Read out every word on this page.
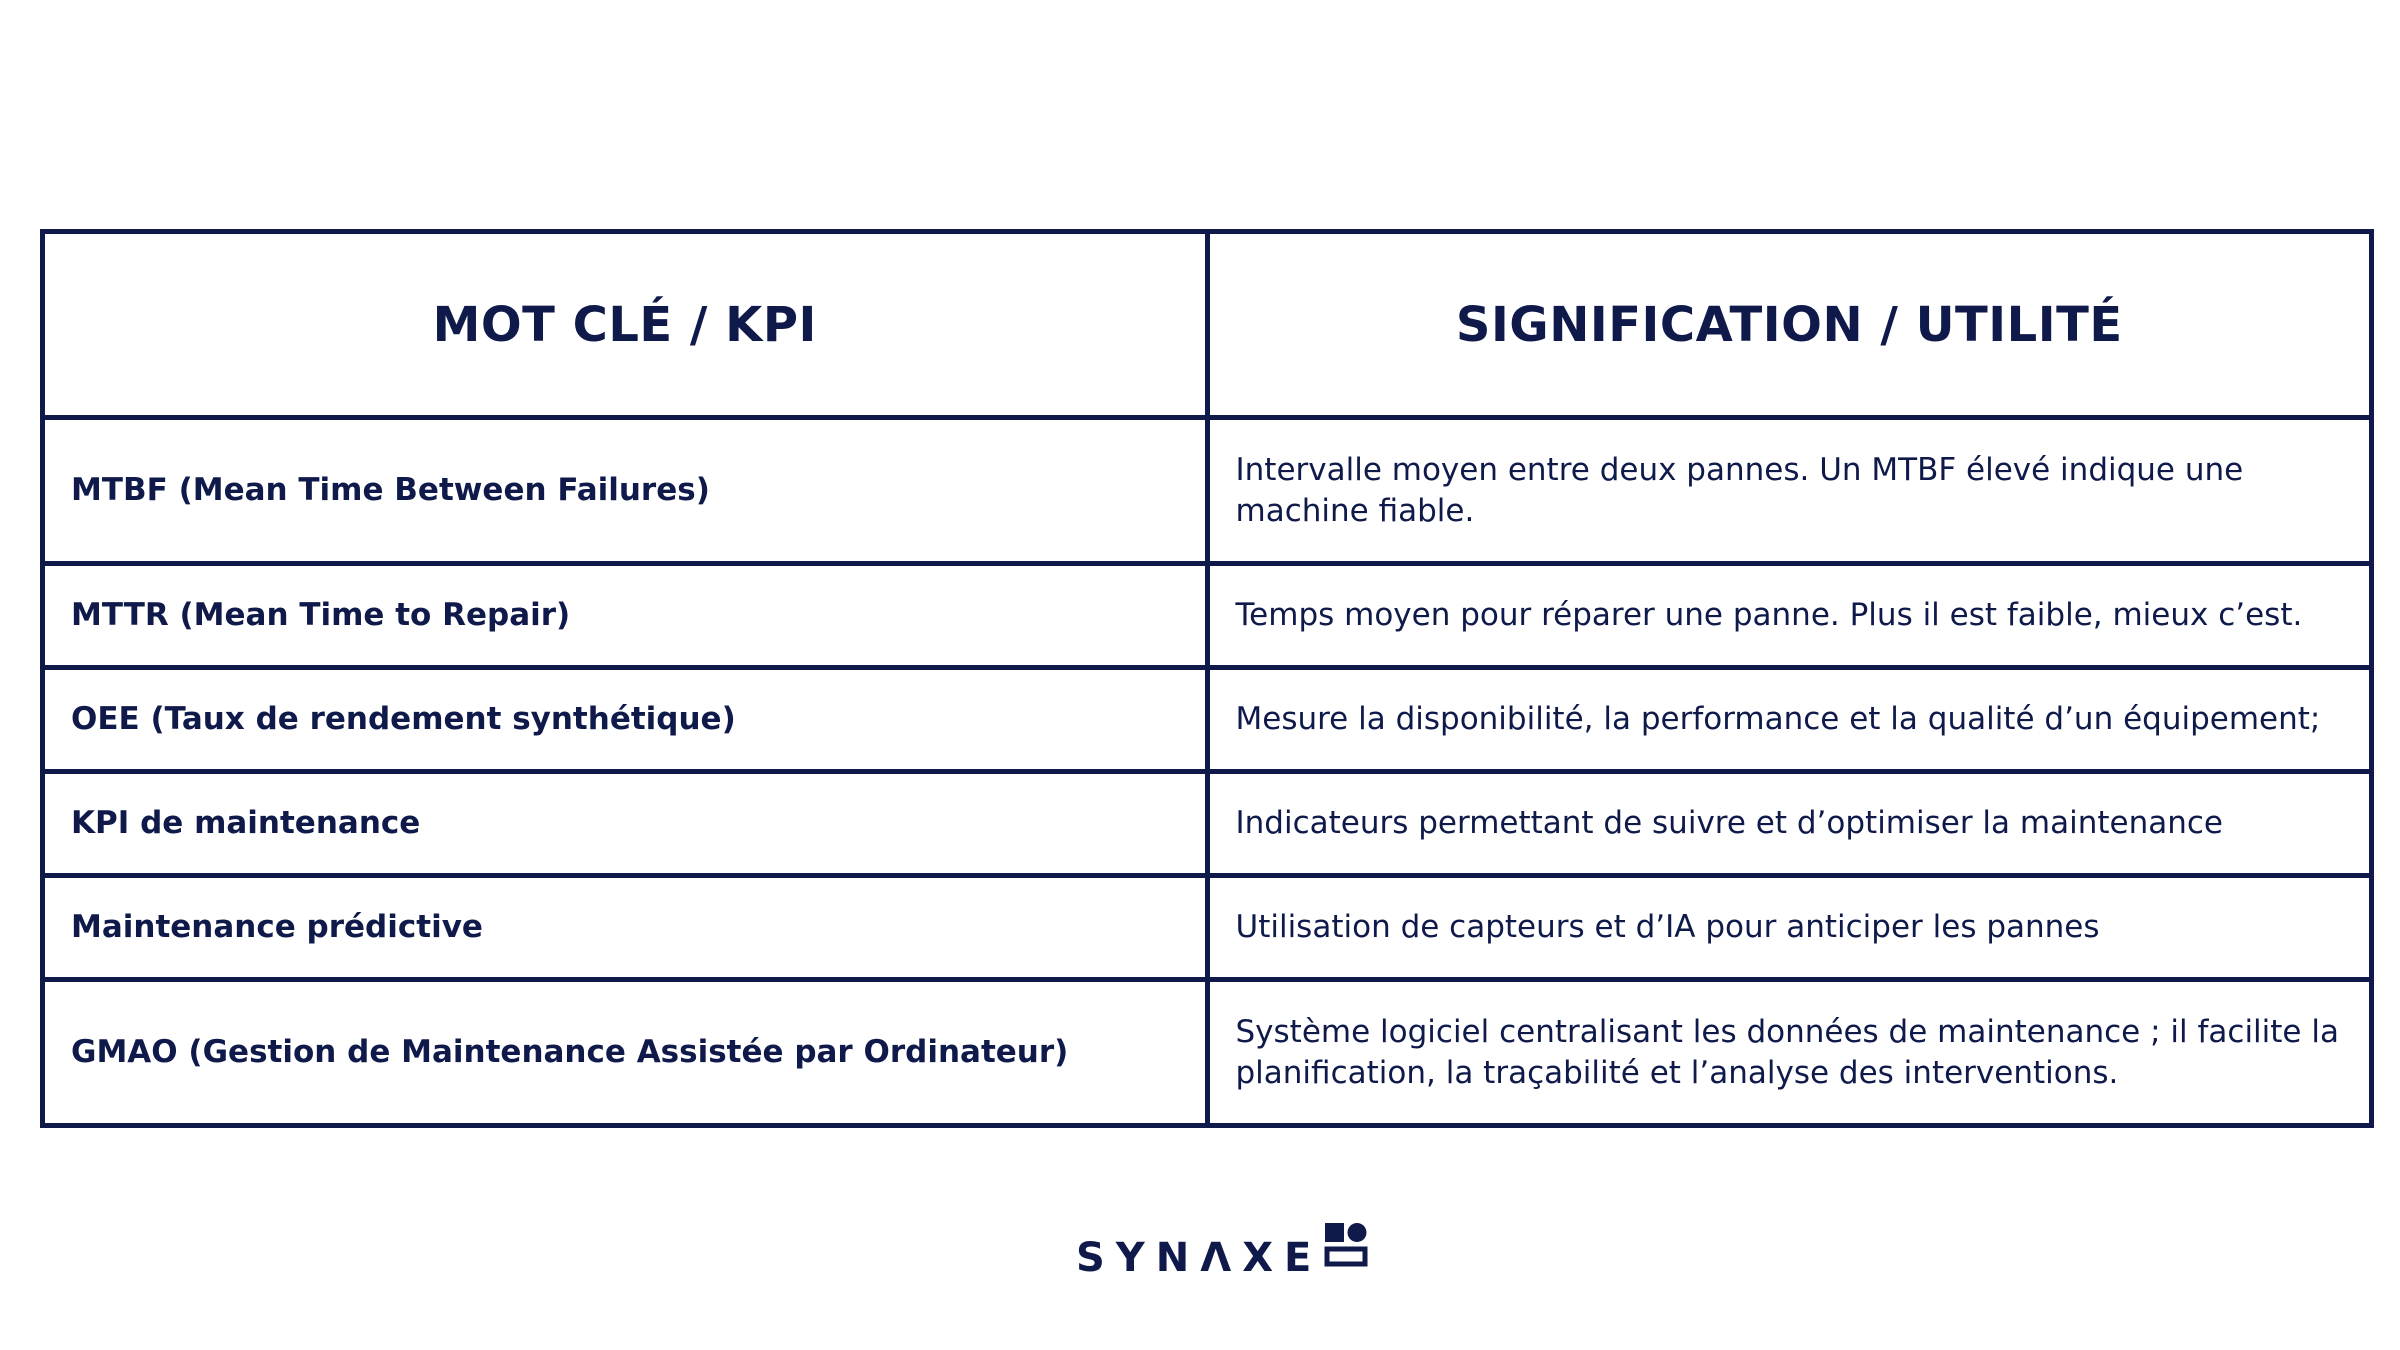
MOT CLÉ / KPI	SIGNIFICATION / UTILITÉ
MTBF (Mean Time Between Failures)	Intervalle moyen entre deux pannes. Un MTBF élevé indique une machine fiable.
MTTR (Mean Time to Repair)	Temps moyen pour réparer une panne. Plus il est faible, mieux c’est.
OEE (Taux de rendement synthétique)	Mesure la disponibilité, la performance et la qualité d’un équipement;
KPI de maintenance	Indicateurs permettant de suivre et d’optimiser la maintenance
Maintenance prédictive	Utilisation de capteurs et d’IA pour anticiper les pannes
GMAO (Gestion de Maintenance Assistée par Ordinateur)	Système logiciel centralisant les données de maintenance ; il facilite la planification, la traçabilité et l’analyse des interventions.
SYNΛXE
